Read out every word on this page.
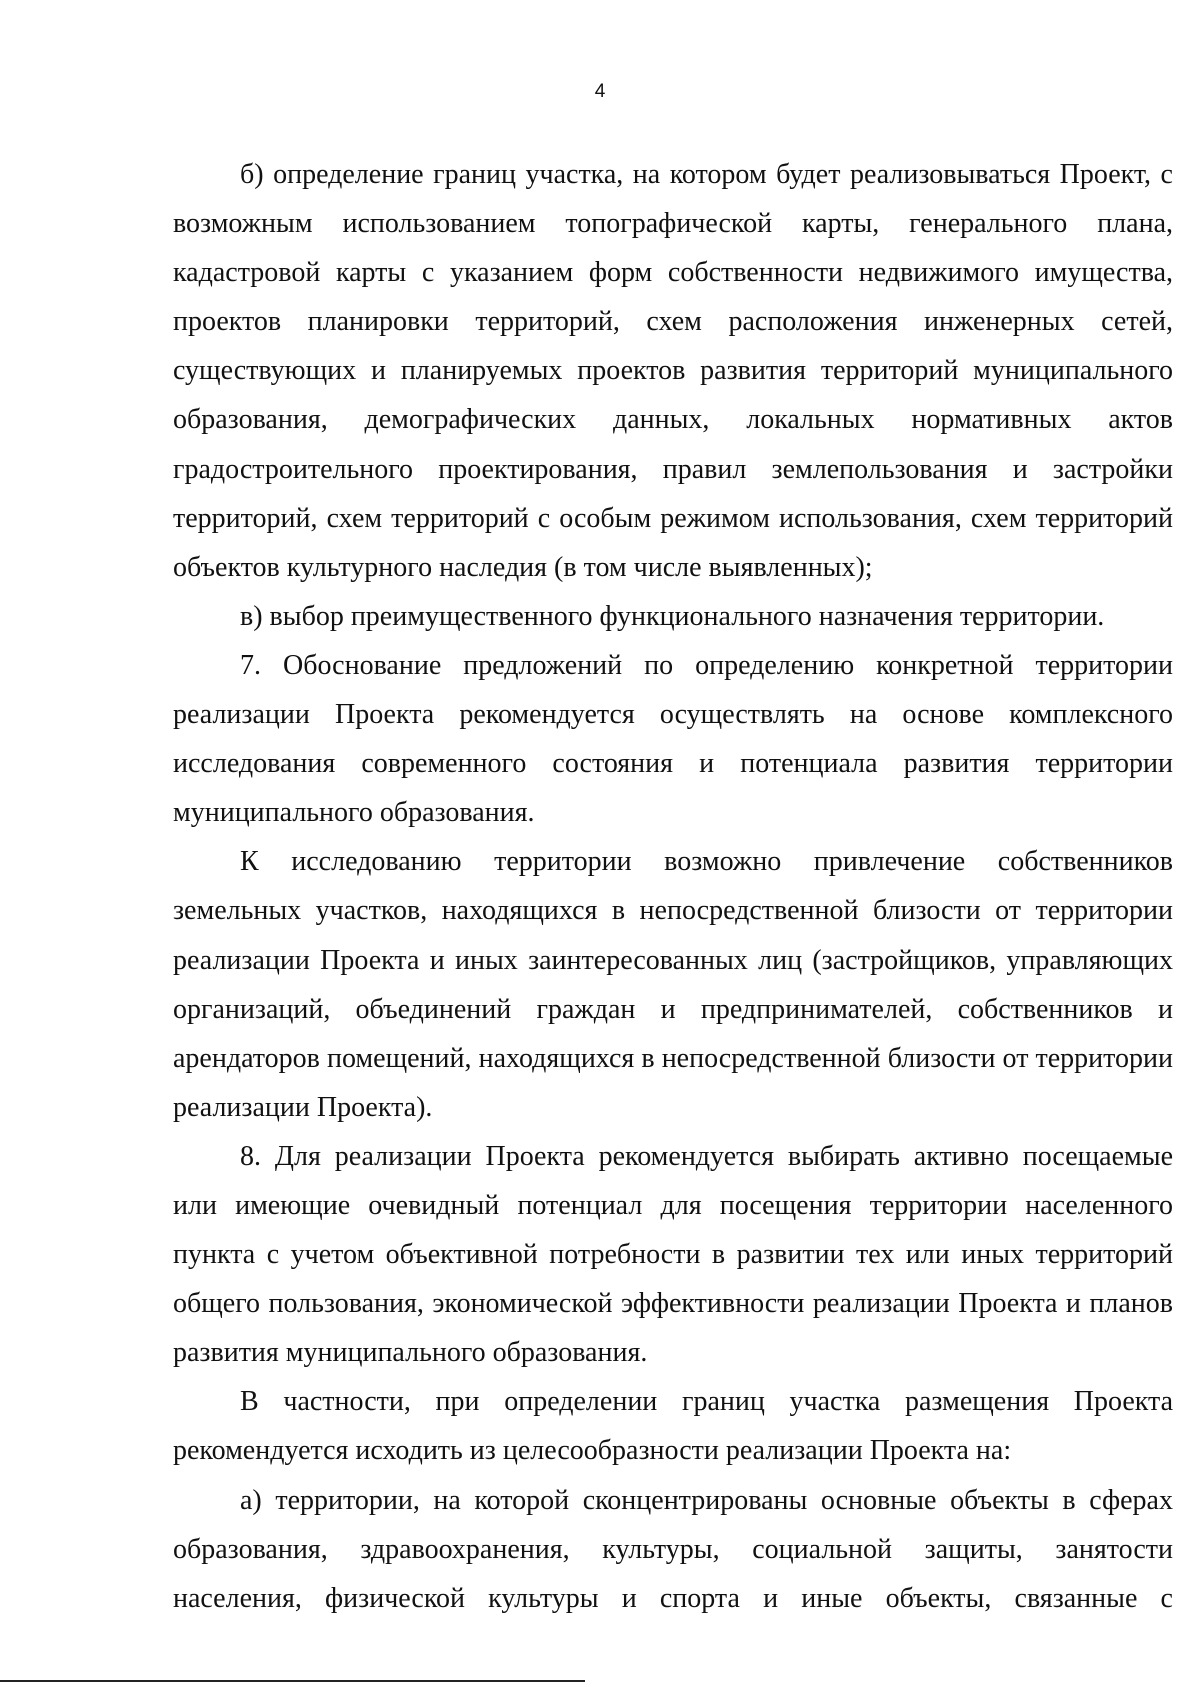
4

б) определение границ участка, на котором будет реализовываться Проект, с возможным использованием топографической карты, генерального плана, кадастровой карты с указанием форм собственности недвижимого имущества, проектов планировки территорий, схем расположения инженерных сетей, существующих и планируемых проектов развития территорий муниципального образования, демографических данных, локальных нормативных актов градостроительного проектирования, правил землепользования и застройки территорий, схем территорий с особым режимом использования, схем территорий объектов культурного наследия (в том числе выявленных);

в) выбор преимущественного функционального назначения территории.

7. Обоснование предложений по определению конкретной территории реализации Проекта рекомендуется осуществлять на основе комплексного исследования современного состояния и потенциала развития территории муниципального образования.

К исследованию территории возможно привлечение собственников земельных участков, находящихся в непосредственной близости от территории реализации Проекта и иных заинтересованных лиц (застройщиков, управляющих организаций, объединений граждан и предпринимателей, собственников и арендаторов помещений, находящихся в непосредственной близости от территории реализации Проекта).

8. Для реализации Проекта рекомендуется выбирать активно посещаемые или имеющие очевидный потенциал для посещения территории населенного пункта с учетом объективной потребности в развитии тех или иных территорий общего пользования, экономической эффективности реализации Проекта и планов развития муниципального образования.

В частности, при определении границ участка размещения Проекта рекомендуется исходить из целесообразности реализации Проекта на:

а) территории, на которой сконцентрированы основные объекты в сферах образования, здравоохранения, культуры, социальной защиты, занятости населения, физической культуры и спорта и иные объекты, связанные с
